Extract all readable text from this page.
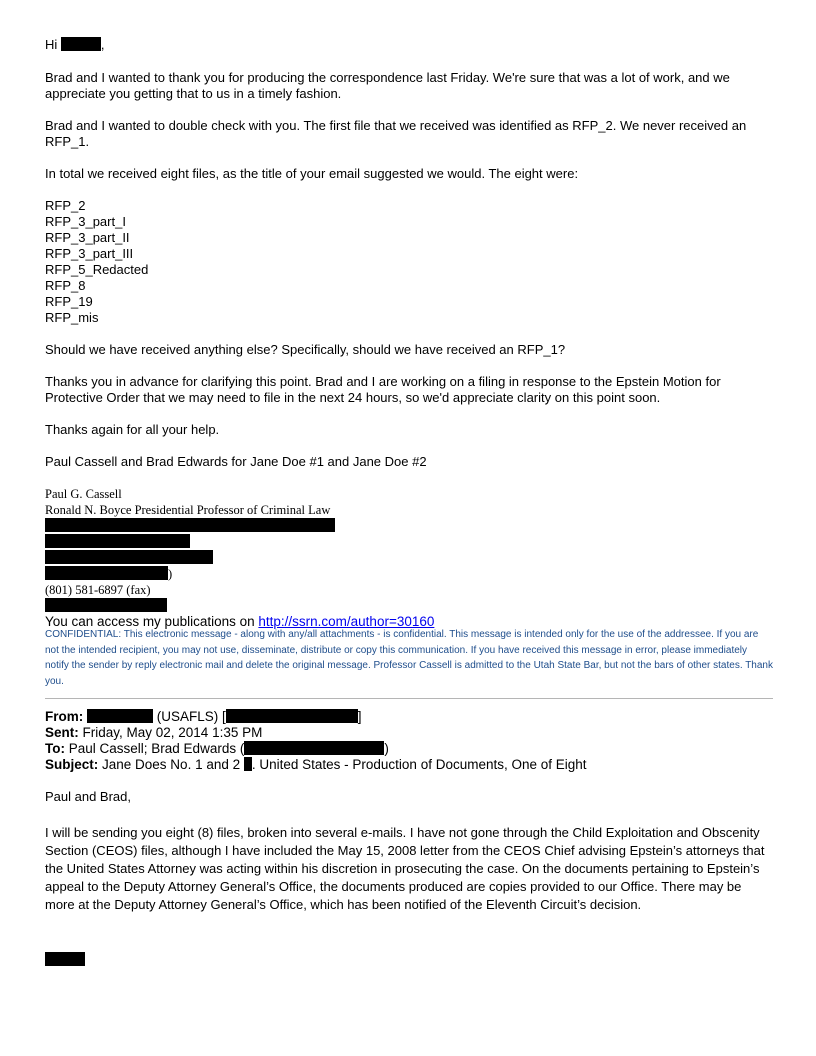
Hi	,

Brad and I wanted to thank you for producing the correspondence last Friday. We're sure that was a lot of work, and we appreciate you getting that to us in a timely fashion.

Brad and I wanted to double check with you. The first file that we received was identified as RFP_2. We never received an RFP_1.

In total we received eight files, as the title of your email suggested we would. The eight were:

RFP_2
RFP_3_part_I
RFP_3_part_II
RFP_3_part_III
RFP_5_Redacted
RFP_8
RFP_19
RFP_mis

Should we have received anything else? Specifically, should we have received an RFP_1?

Thanks you in advance for clarifying this point. Brad and I are working on a filing in response to the Epstein Motion for Protective Order that we may need to file in the next 24 hours, so we'd appreciate clarity on this point soon.

Thanks again for all your help.

Paul Cassell and Brad Edwards for Jane Doe #1 and Jane Doe #2

Paul G. Cassell
Ronald N. Boyce Presidential Professor of Criminal Law
)
(801) 581-6897 (fax)
You can access my publications on http://ssrn.com/author=30160

CONFIDENTIAL: This electronic message - along with any/all attachments - is confidential. This message is intended only for the use of the addressee. If you are not the intended recipient, you may not use, disseminate, distribute or copy this communication. If you have received this message in error, please immediately notify the sender by reply electronic mail and delete the original message. Professor Cassell is admitted to the Utah State Bar, but not the bars of other states. Thank you.

From:	(USAFLS) [	]
Sent: Friday, May 02, 2014 1:35 PM
To: Paul Cassell; Brad Edwards (	)
Subject: Jane Does No. 1 and 2 . United States - Production of Documents, One of Eight

Paul and Brad,

I will be sending you eight (8) files, broken into several e-mails. I have not gone through the Child Exploitation and Obscenity Section (CEOS) files, although I have included the May 15, 2008 letter from the CEOS Chief advising Epstein’s attorneys that the United States Attorney was acting within his discretion in prosecuting the case. On the documents pertaining to Epstein’s appeal to the Deputy Attorney General’s Office, the documents produced are copies provided to our Office. There may be more at the Deputy Attorney General’s Office, which has been notified of the Eleventh Circuit’s decision.
